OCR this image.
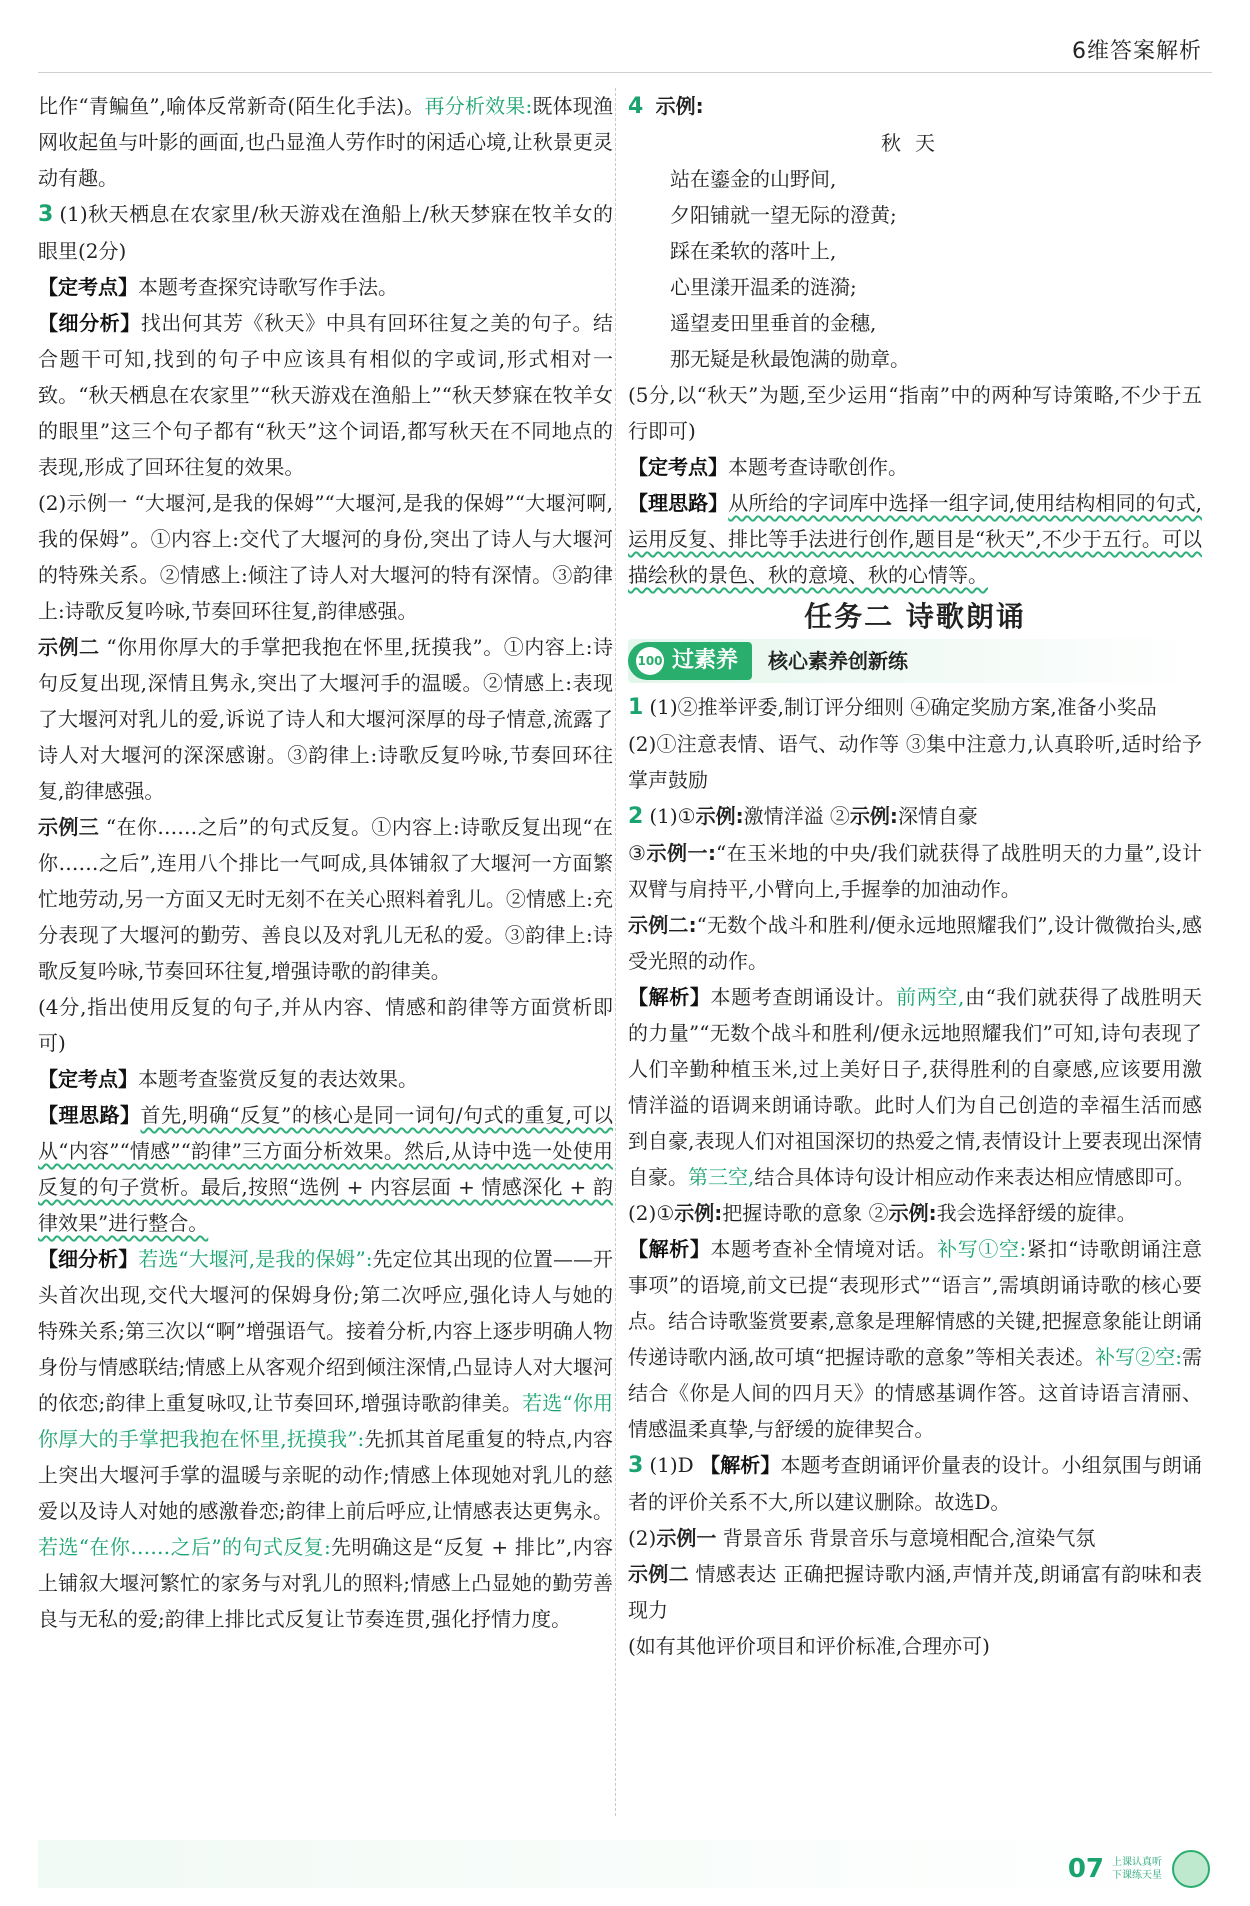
6维答案解析

比作“青鳊鱼”,喻体反常新奇(陌生化手法)。再分析效果:既体现渔网收起鱼与叶影的画面,也凸显渔人劳作时的闲适心境,让秋景更灵动有趣。

3 (1)秋天栖息在农家里/秋天游戏在渔船上/秋天梦寐在牧羊女的眼里(2分)

【定考点】本题考查探究诗歌写作手法。

【细分析】找出何其芳《秋天》中具有回环往复之美的句子。结合题干可知,找到的句子中应该具有相似的字或词,形式相对一致。“秋天栖息在农家里”“秋天游戏在渔船上”“秋天梦寐在牧羊女的眼里”这三个句子都有“秋天”这个词语,都写秋天在不同地点的表现,形成了回环往复的效果。

(2)示例一 “大堰河,是我的保姆”“大堰河,是我的保姆”“大堰河啊,我的保姆”。①内容上:交代了大堰河的身份,突出了诗人与大堰河的特殊关系。②情感上:倾注了诗人对大堰河的特有深情。③韵律上:诗歌反复吟咏,节奏回环往复,韵律感强。

示例二 “你用你厚大的手掌把我抱在怀里,抚摸我”。①内容上:诗句反复出现,深情且隽永,突出了大堰河手的温暖。②情感上:表现了大堰河对乳儿的爱,诉说了诗人和大堰河深厚的母子情意,流露了诗人对大堰河的深深感谢。③韵律上:诗歌反复吟咏,节奏回环往复,韵律感强。

示例三 “在你……之后”的句式反复。①内容上:诗歌反复出现“在你……之后”,连用八个排比一气呵成,具体铺叙了大堰河一方面繁忙地劳动,另一方面又无时无刻不在关心照料着乳儿。②情感上:充分表现了大堰河的勤劳、善良以及对乳儿无私的爱。③韵律上:诗歌反复吟咏,节奏回环往复,增强诗歌的韵律美。

(4分,指出使用反复的句子,并从内容、情感和韵律等方面赏析即可)

【定考点】本题考查鉴赏反复的表达效果。

【理思路】首先,明确“反复”的核心是同一词句/句式的重复,可以从“内容”“情感”“韵律”三方面分析效果。然后,从诗中选一处使用反复的句子赏析。最后,按照“选例 + 内容层面 + 情感深化 + 韵律效果”进行整合。

【细分析】若选“大堰河,是我的保姆”:先定位其出现的位置——开头首次出现,交代大堰河的保姆身份;第二次呼应,强化诗人与她的特殊关系;第三次以“啊”增强语气。接着分析,内容上逐步明确人物身份与情感联结;情感上从客观介绍到倾注深情,凸显诗人对大堰河的依恋;韵律上重复咏叹,让节奏回环,增强诗歌韵律美。若选“你用你厚大的手掌把我抱在怀里,抚摸我”:先抓其首尾重复的特点,内容上突出大堰河手掌的温暖与亲昵的动作;情感上体现她对乳儿的慈爱以及诗人对她的感激眷恋;韵律上前后呼应,让情感表达更隽永。若选“在你……之后”的句式反复:先明确这是“反复 + 排比”,内容上铺叙大堰河繁忙的家务与对乳儿的照料;情感上凸显她的勤劳善良与无私的爱;韵律上排比式反复让节奏连贯,强化抒情力度。

4 示例:

秋天

站在鎏金的山野间,

夕阳铺就一望无际的澄黄;

踩在柔软的落叶上,

心里漾开温柔的涟漪;

遥望麦田里垂首的金穗,

那无疑是秋最饱满的勋章。

(5分,以“秋天”为题,至少运用“指南”中的两种写诗策略,不少于五行即可)

【定考点】本题考查诗歌创作。

【理思路】从所给的字词库中选择一组字词,使用结构相同的句式,运用反复、排比等手法进行创作,题目是“秋天”,不少于五行。可以描绘秋的景色、秋的意境、秋的心情等。

任务二 诗歌朗诵
100 过素养 核心素养创新练

1 (1)②推举评委,制订评分细则 ④确定奖励方案,准备小奖品

(2)①注意表情、语气、动作等 ③集中注意力,认真聆听,适时给予掌声鼓励

2 (1)①示例:激情洋溢 ②示例:深情自豪

③示例一:“在玉米地的中央/我们就获得了战胜明天的力量”,设计双臂与肩持平,小臂向上,手握拳的加油动作。

示例二:“无数个战斗和胜利/便永远地照耀我们”,设计微微抬头,感受光照的动作。

【解析】本题考查朗诵设计。前两空,由“我们就获得了战胜明天的力量”“无数个战斗和胜利/便永远地照耀我们”可知,诗句表现了人们辛勤种植玉米,过上美好日子,获得胜利的自豪感,应该要用激情洋溢的语调来朗诵诗歌。此时人们为自己创造的幸福生活而感到自豪,表现人们对祖国深切的热爱之情,表情设计上要表现出深情自豪。第三空,结合具体诗句设计相应动作来表达相应情感即可。

(2)①示例:把握诗歌的意象 ②示例:我会选择舒缓的旋律。

【解析】本题考查补全情境对话。补写①空:紧扣“诗歌朗诵注意事项”的语境,前文已提“表现形式”“语言”,需填朗诵诗歌的核心要点。结合诗歌鉴赏要素,意象是理解情感的关键,把握意象能让朗诵传递诗歌内涵,故可填“把握诗歌的意象”等相关表述。补写②空:需结合《你是人间的四月天》的情感基调作答。这首诗语言清丽、情感温柔真挚,与舒缓的旋律契合。

3 (1)D 【解析】本题考查朗诵评价量表的设计。小组氛围与朗诵者的评价关系不大,所以建议删除。故选D。

(2)示例一 背景音乐 背景音乐与意境相配合,渲染气氛

示例二 情感表达 正确把握诗歌内涵,声情并茂,朗诵富有韵味和表现力

(如有其他评价项目和评价标准,合理亦可)

07 上课认真听
下课练天星
